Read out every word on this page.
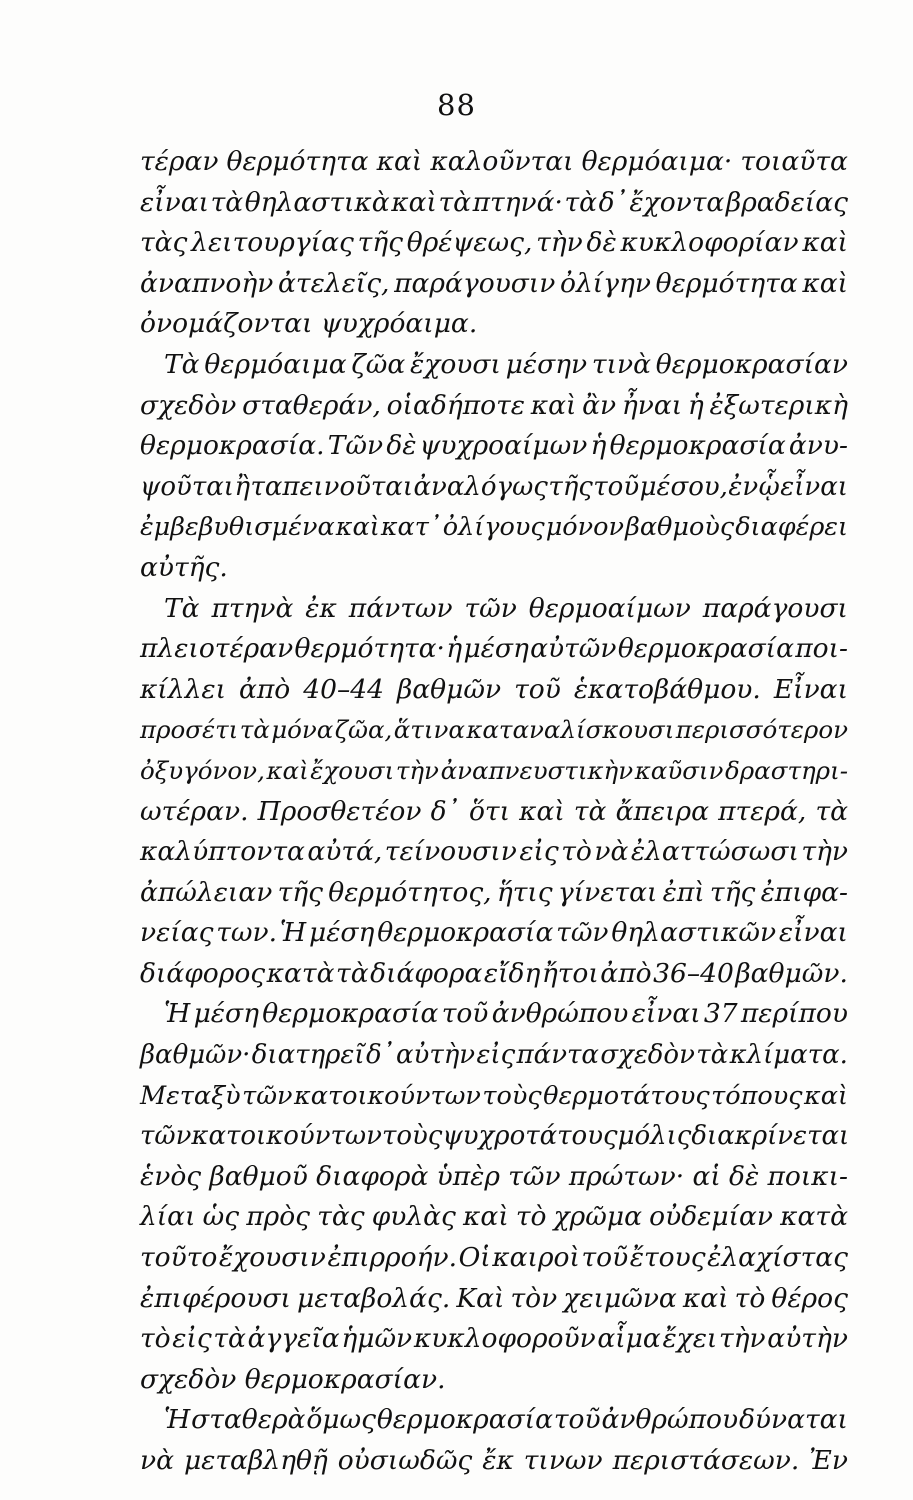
88
τέραν θερμότητα καὶ καλοῦνται θερμόαιμα· τοιαῦτα
εἶναι τὰ θηλαστικὰ καὶ τὰ πτηνά· τὰ δ᾽ ἔχοντα βραδείας
τὰς λειτουργίας τῆς θρέψεως, τὴν δὲ κυκλοφορίαν καὶ
ἀναπνοὴν ἀτελεῖς, παράγουσιν ὀλίγην θερμότητα καὶ
ὀνομάζονται ψυχρόαιμα.
Τὰ θερμόαιμα ζῶα ἔχουσι μέσην τινὰ θερμοκρασίαν
σχεδὸν σταθεράν, οἱαδήποτε καὶ ἂν ἦναι ἡ ἐξωτερικὴ
θερμοκρασία. Τῶν δὲ ψυχροαίμων ἡ θερμοκρασία ἀνυ-
ψοῦται ἢ ταπεινοῦται ἀναλόγως τῆς τοῦ μέσου, ἐν ᾧ εἶναι
ἐμβεβυθισμένα καὶ κατ᾽ ὀλίγους μόνον βαθμοὺς διαφέρει
αὐτῆς.
Τὰ πτηνὰ ἐκ πάντων τῶν θερμοαίμων παράγουσι
πλειοτέραν θερμότητα· ἡ μέση αὐτῶν θερμοκρασία ποι-
κίλλει ἀπὸ 40–44 βαθμῶν τοῦ ἑκατοβάθμου. Εἶναι
προσέτι τὰ μόνα ζῶα, ἅτινα καταναλίσκουσι περισσότερον
ὀξυγόνον, καὶ ἔχουσι τὴν ἀναπνευστικὴν καῦσιν δραστηρι-
ωτέραν. Προσθετέον δ᾽ ὅτι καὶ τὰ ἄπειρα πτερά, τὰ
καλύπτοντα αὐτά, τείνουσιν εἰς τὸ νὰ ἐλαττώσωσι τὴν
ἀπώλειαν τῆς θερμότητος, ἥτις γίνεται ἐπὶ τῆς ἐπιφα-
νείας των. Ἡ μέση θερμοκρασία τῶν θηλαστικῶν εἶναι
διάφορος κατὰ τὰ διάφορα εἴδη ἤτοι ἀπὸ 36–40 βαθμῶν.
Ἡ μέση θερμοκρασία τοῦ ἀνθρώπου εἶναι 37 περίπου
βαθμῶν· διατηρεῖ δ᾽ αὐτὴν εἰς πάντα σχεδὸν τὰ κλίματα.
Μεταξὺ τῶν κατοικούντων τοὺς θερμοτάτους τόπους καὶ
τῶν κατοικούντων τοὺς ψυχροτάτους μόλις διακρίνεται
ἑνὸς βαθμοῦ διαφορὰ ὑπὲρ τῶν πρώτων· αἱ δὲ ποικι-
λίαι ὡς πρὸς τὰς φυλὰς καὶ τὸ χρῶμα οὐδεμίαν κατὰ
τοῦτο ἔχουσιν ἐπιρροήν. Οἱ καιροὶ τοῦ ἔτους ἐλαχίστας
ἐπιφέρουσι μεταβολάς. Καὶ τὸν χειμῶνα καὶ τὸ θέρος
τὸ εἰς τὰ ἀγγεῖα ἡμῶν κυκλοφοροῦν αἷμα ἔχει τὴν αὐτὴν
σχεδὸν θερμοκρασίαν.
Ἡ σταθερὰ ὅμως θερμοκρασία τοῦ ἀνθρώπου δύναται
νὰ μεταβληθῇ οὐσιωδῶς ἔκ τινων περιστάσεων. Ἐν
